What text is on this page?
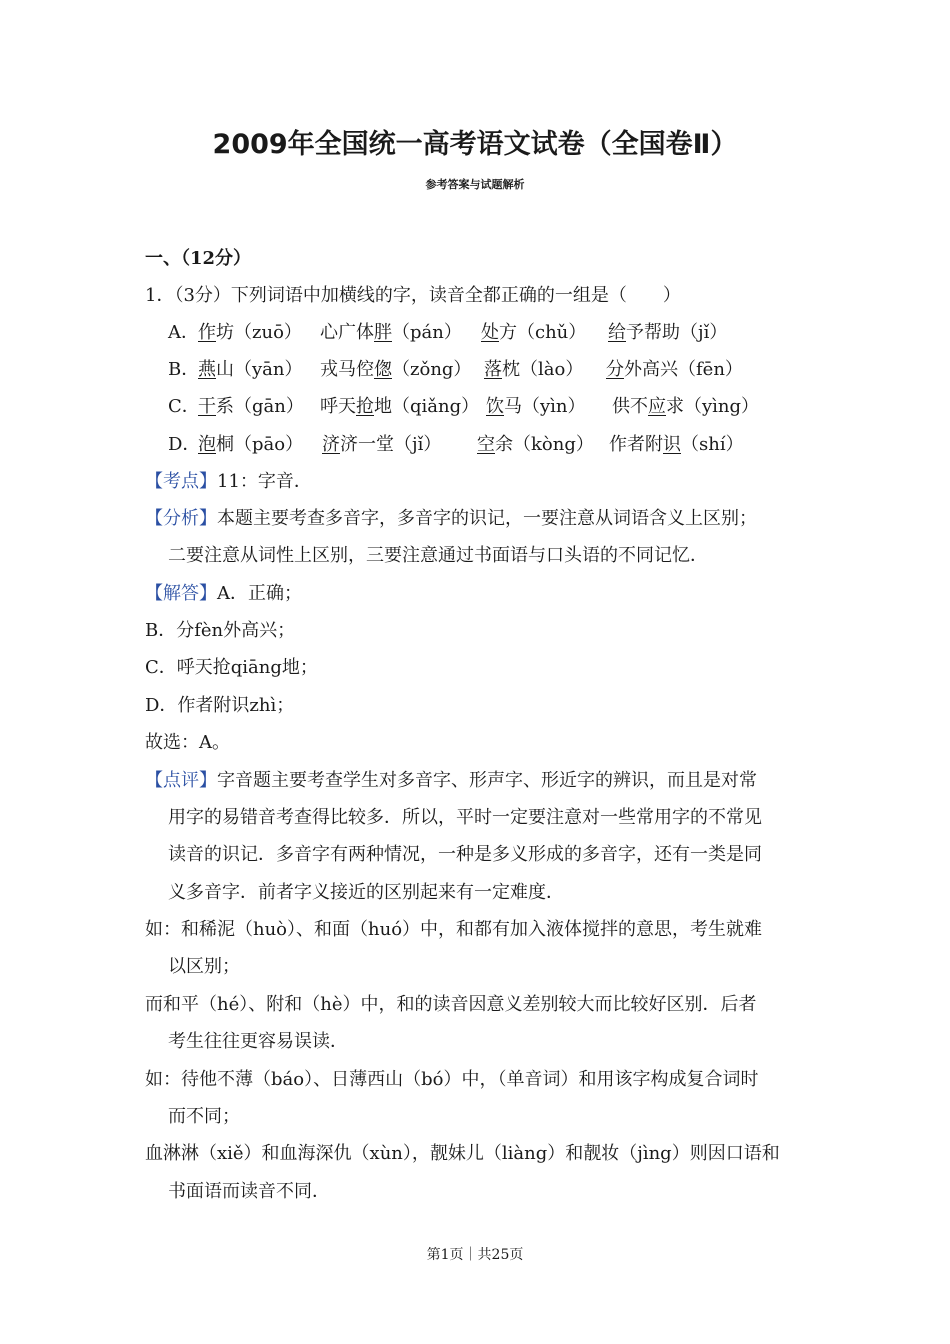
2009年全国统一高考语文试卷（全国卷Ⅱ）
参考答案与试题解析
一、（12分）
1．（3分）下列词语中加横线的字，读音全都正确的一组是（　　）
A． 作坊（zuō） 心广体胖（pán） 处方（chǔ） 给予帮助（jǐ）
B．
燕山（yān） 戎马倥偬（zǒng） 落枕（lào） 分外高兴（fēn）
C．
干系（gān） 呼天抢地（qiǎng） 饮马（yìn） 供不应求（yìng）
D．
泡桐（pāo） 济济一堂（jǐ） 空余（kòng） 作者附识（shí）
【考点】11：字音．
【分析】本题主要考查多音字，多音字的识记，一要注意从词语含义上区别；
二要注意从词性上区别，三要注意通过书面语与口头语的不同记忆．
【解答】A．正确；
B．分fèn外高兴；
C．呼天抢qiāng地；
D．作者附识zhì；
故选：A。
【点评】字音题主要考查学生对多音字、形声字、形近字的辨识，而且是对常
用字的易错音考查得比较多．所以，平时一定要注意对一些常用字的不常见
读音的识记．多音字有两种情况，一种是多义形成的多音字，还有一类是同
义多音字．前者字义接近的区别起来有一定难度．
如：和稀泥（huò）、和面（huó）中，和都有加入液体搅拌的意思，考生就难
以区别；
而和平（hé）、附和（hè）中，和的读音因意义差别较大而比较好区别．后者
考生往往更容易误读．
如：待他不薄（báo）、日薄西山（bó）中，（单音词）和用该字构成复合词时
而不同；
血淋淋（xiě）和血海深仇（xùn），靓妹儿（liàng）和靓妆（jìng）则因口语和
书面语而读音不同．
第1页｜共25页
